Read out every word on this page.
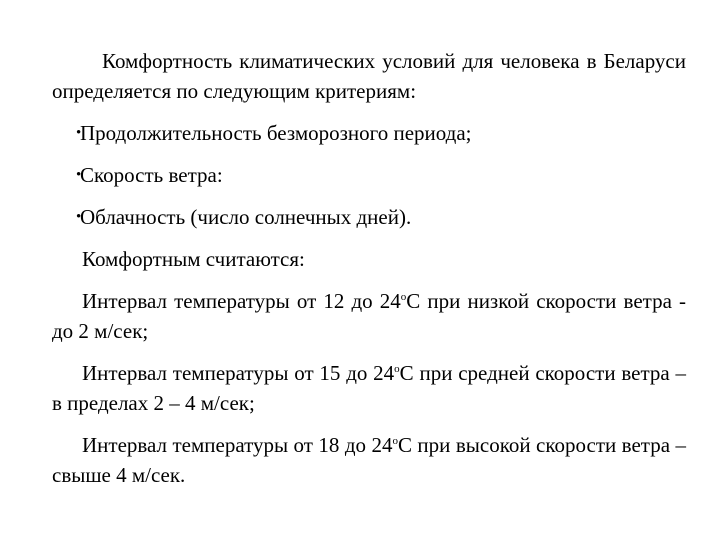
Комфортность климатических условий для человека в Беларуси определяется по следующим критериям:

•
Продолжительность безморозного периода;
•
Скорость ветра:
•
Облачность (число солнечных дней).

Комфортным считаются:

Интервал температуры от 12 до $24^оС$ при низкой скорости ветра - до 2 м/сек;

Интервал температуры от 15 до $24^оС$ при средней скорости ветра – в пределах 2 – 4 м/сек;

Интервал температуры от 18 до $24^оС$ при высокой скорости ветра – свыше 4 м/сек.
